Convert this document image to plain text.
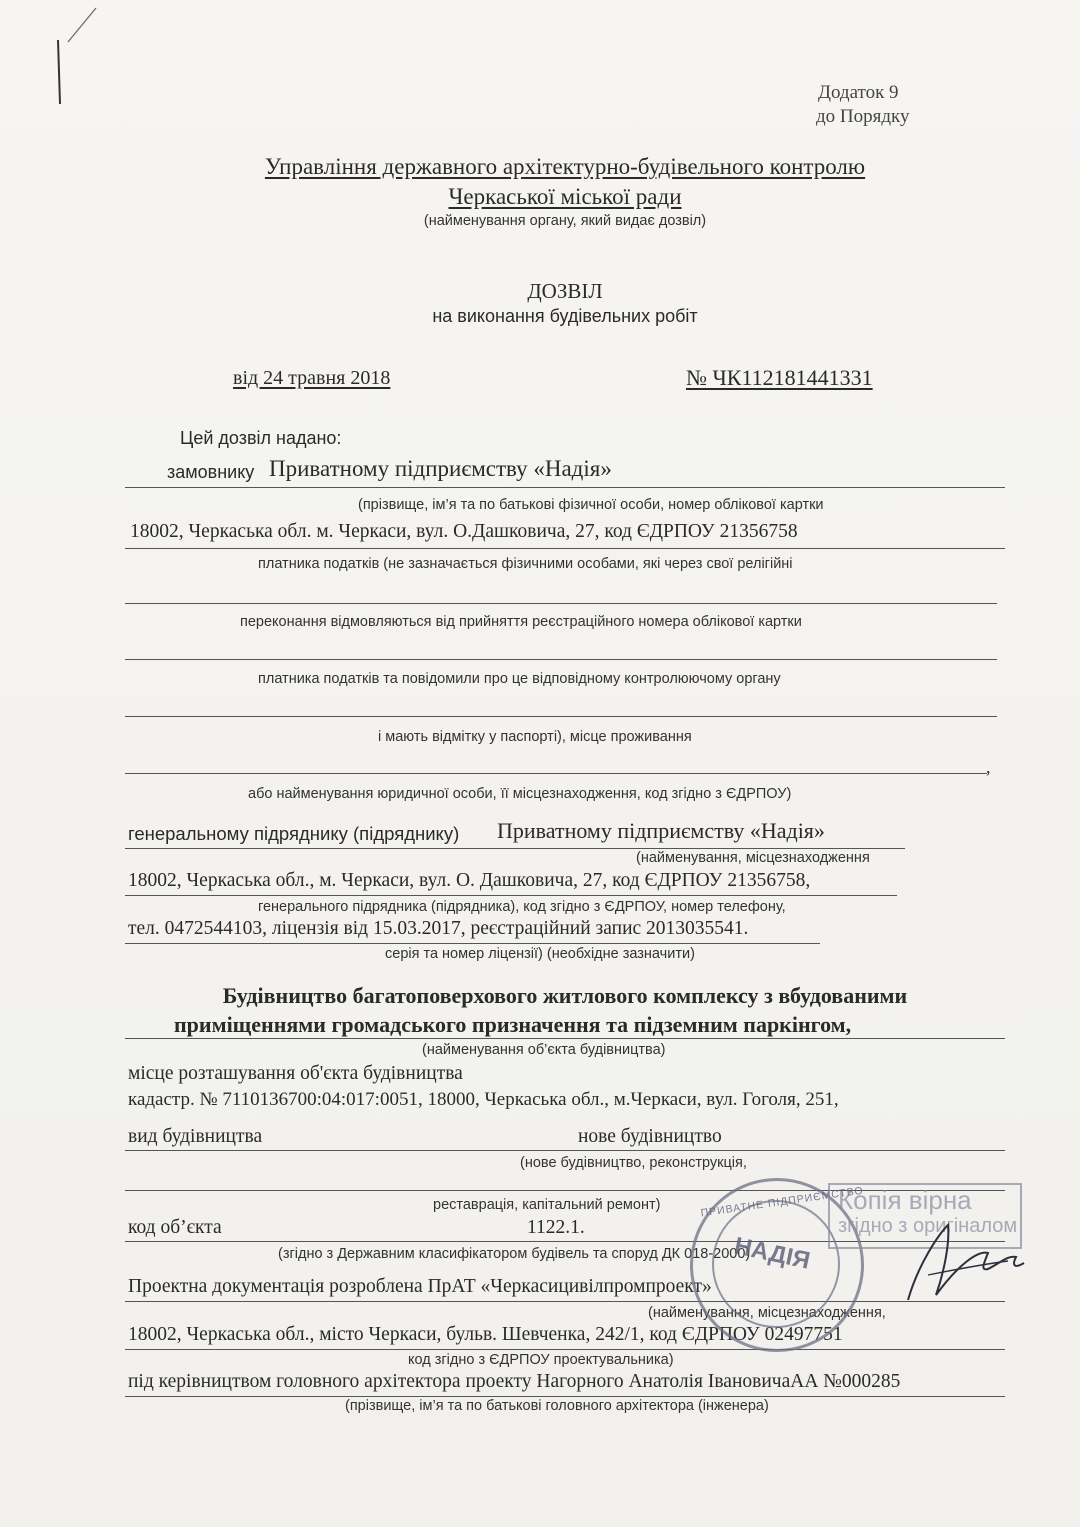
Додаток 9
до Порядку
Управління державного архітектурно-будівельного контролю
Черкаської міської ради
(найменування органу, який видає дозвіл)
ДОЗВІЛ
на виконання будівельних робіт
від 24 травня 2018	№ ЧК112181441331
Цей дозвіл надано:
замовнику Приватному підприємству «Надія»
(прізвище, ім’я та по батькові фізичної особи, номер облікової картки
18002, Черкаська обл. м. Черкаси, вул. О.Дашковича, 27, код ЄДРПОУ 21356758
платника податків (не зазначається фізичними особами, які через свої релігійні
переконання відмовляються від прийняття реєстраційного номера облікової картки
платника податків та повідомили про це відповідному контролюючому органу
і мають відмітку у паспорті), місце проживання
,
або найменування юридичної особи, її місцезнаходження, код згідно з ЄДРПОУ)
генеральному підряднику (підряднику) Приватному підприємству «Надія»
(найменування, місцезнаходження
18002, Черкаська обл., м. Черкаси, вул. О. Дашковича, 27, код ЄДРПОУ 21356758,
генерального підрядника (підрядника), код згідно з ЄДРПОУ, номер телефону,
тел. 0472544103, ліцензія від 15.03.2017, реєстраційний запис 2013035541.
серія та номер ліцензії) (необхідне зазначити)
Будівництво багатоповерхового житлового комплексу з вбудованими
приміщеннями громадського призначення та підземним паркінгом,
(найменування об’єкта будівництва)
місце розташування об'єкта будівництва
кадастр. № 7110136700:04:017:0051, 18000, Черкаська обл., м.Черкаси, вул. Гоголя, 251,
вид будівництва	нове будівництво
(нове будівництво, реконструкція,
реставрація, капітальний ремонт)
код об’єкта	1122.1.
(згідно з Державним класифікатором будівель та споруд ДК 018-2000)
Проектна документація розроблена ПрАТ «Черкасицивілпромпроект»
(найменування, місцезнаходження,
18002, Черкаська обл., місто Черкаси, бульв. Шевченка, 242/1, код ЄДРПОУ 02497751
код згідно з ЄДРПОУ проектувальника)
під керівництвом головного архітектора проекту Нагорного Анатолія ІвановичаАА №000285
(прізвище, ім’я та по батькові головного архітектора (інженера)
ПРИВАТНЕ ПІДПРИЄМСТВО
НАДІЯ
Копія вірна
згідно з оригіналом
